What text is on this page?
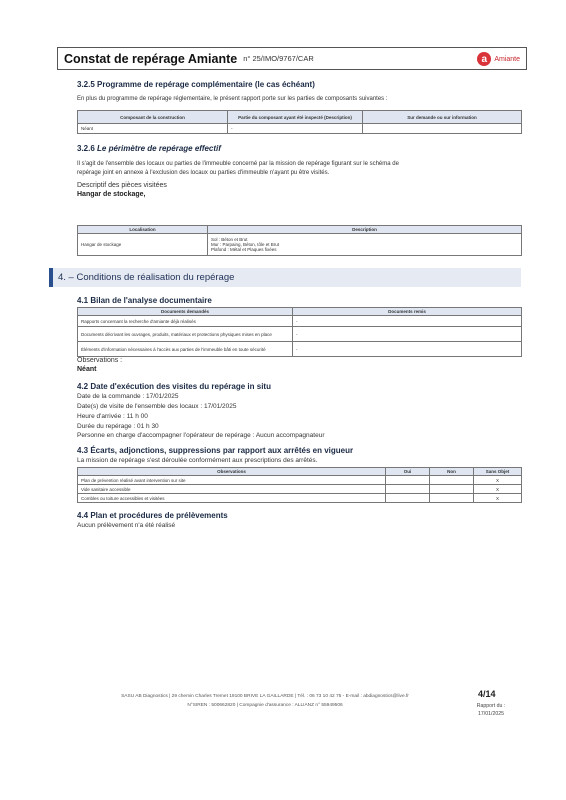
Constat de repérage Amiante n° 25/IMO/9767/CAR	a	Amiante
3.2.5 Programme de repérage complémentaire (le cas échéant)
En plus du programme de repérage réglementaire, le présent rapport porte sur les parties de composants suivantes :
Composant de la construction	Partie du composant ayant été inspecté (Description)	Sur demande ou sur information
Néant	-	
3.2.6 Le périmètre de repérage effectif
Il s'agit de l'ensemble des locaux ou parties de l'immeuble concerné par la mission de repérage figurant sur le schéma de
repérage joint en annexe à l'exclusion des locaux ou parties d'immeuble n'ayant pu être visités.
Descriptif des pièces visitées
Hangar de stockage,
Localisation	Description
Hangar de stockage	Sol : Béton et Brut
Mur : Parpaing, Béton, tôle et Brut
Plafond : Métal et Plaques fixées
4. – Conditions de réalisation du repérage
4.1 Bilan de l'analyse documentaire
Documents demandés	Documents remis
Rapports concernant la recherche d'amiante déjà réalisés	-
Documents décrivant les ouvrages, produits, matériaux et protections physiques mises en place	-
Éléments d'information nécessaires à l'accès aux parties de l'immeuble bâti en toute sécurité	-
Observations :
Néant
4.2 Date d'exécution des visites du repérage in situ
Date de la commande : 17/01/2025
Date(s) de visite de l'ensemble des locaux : 17/01/2025
Heure d'arrivée : 11 h 00
Durée du repérage : 01 h 30
Personne en charge d'accompagner l'opérateur de repérage : Aucun accompagnateur
4.3 Écarts, adjonctions, suppressions par rapport aux arrêtés en vigueur
La mission de repérage s'est déroulée conformément aux prescriptions des arrêtés.
Observations	Oui	Non	Sans Objet
Plan de prévention réalisé avant intervention sur site			X
Vide sanitaire accessible			X
Combles ou toiture accessibles et visitées			X
4.4 Plan et procédures de prélèvements
Aucun prélèvement n'a été réalisé
SASU AB Diagnostics | 29 chemin Charles Tremet 19100 BRIVE LA GAILLARDE | Tél. : 06 73 10 42 75 - E-mail : abdiagnostics@live.fr
N°SIREN : 500662820 | Compagnie d'assurance : ALLIANZ n° 55949506
4/14
Rapport du :
17/01/2025
